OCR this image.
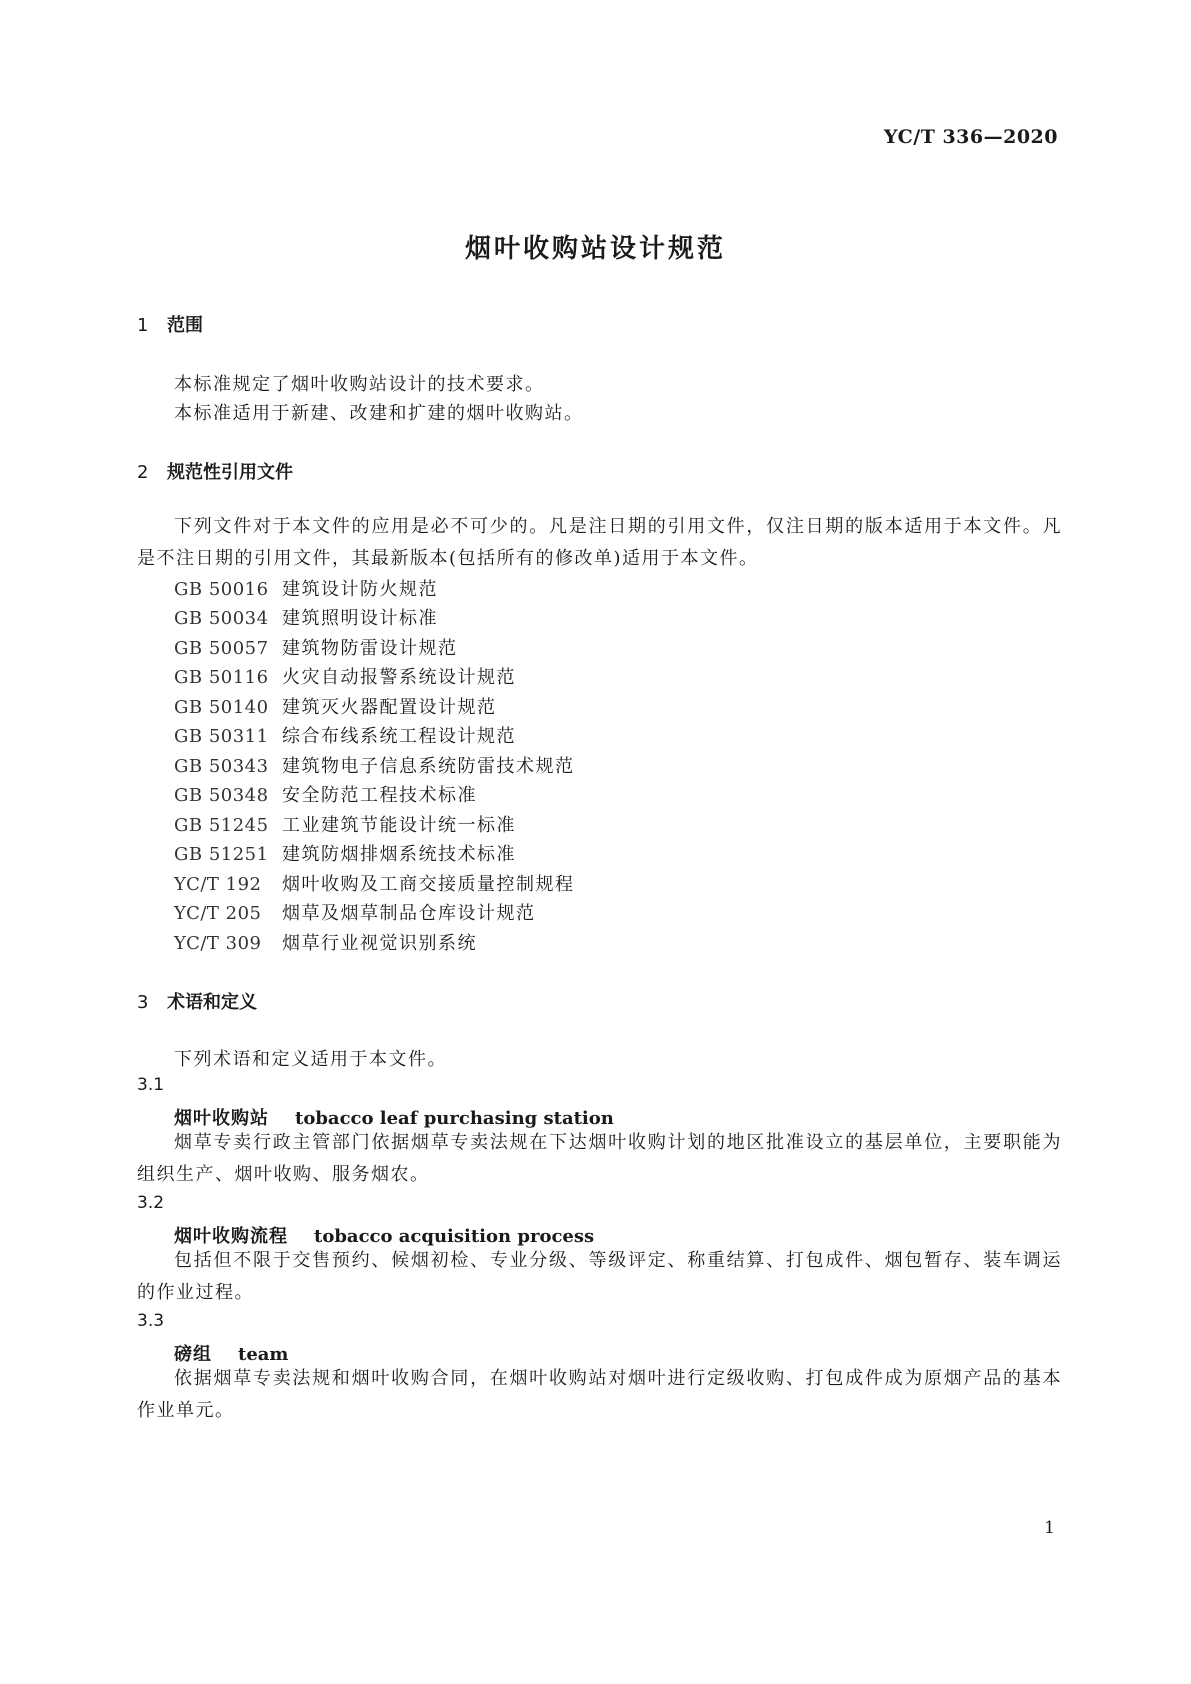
YC/T 336—2020
烟叶收购站设计规范
1 范围
本标准规定了烟叶收购站设计的技术要求。
本标准适用于新建、改建和扩建的烟叶收购站。
2 规范性引用文件
下列文件对于本文件的应用是必不可少的。凡是注日期的引用文件，仅注日期的版本适用于本文件。凡是不注日期的引用文件，其最新版本(包括所有的修改单)适用于本文件。
GB 50016 建筑设计防火规范
GB 50034 建筑照明设计标准
GB 50057 建筑物防雷设计规范
GB 50116 火灾自动报警系统设计规范
GB 50140 建筑灭火器配置设计规范
GB 50311 综合布线系统工程设计规范
GB 50343 建筑物电子信息系统防雷技术规范
GB 50348 安全防范工程技术标准
GB 51245 工业建筑节能设计统一标准
GB 51251 建筑防烟排烟系统技术标准
YC/T 192 烟叶收购及工商交接质量控制规程
YC/T 205 烟草及烟草制品仓库设计规范
YC/T 309 烟草行业视觉识别系统
3 术语和定义
下列术语和定义适用于本文件。
3.1
烟叶收购站 tobacco leaf purchasing station
烟草专卖行政主管部门依据烟草专卖法规在下达烟叶收购计划的地区批准设立的基层单位，主要职能为组织生产、烟叶收购、服务烟农。
3.2
烟叶收购流程 tobacco acquisition process
包括但不限于交售预约、候烟初检、专业分级、等级评定、称重结算、打包成件、烟包暂存、装车调运的作业过程。
3.3
磅组 team
依据烟草专卖法规和烟叶收购合同，在烟叶收购站对烟叶进行定级收购、打包成件成为原烟产品的基本作业单元。
1
